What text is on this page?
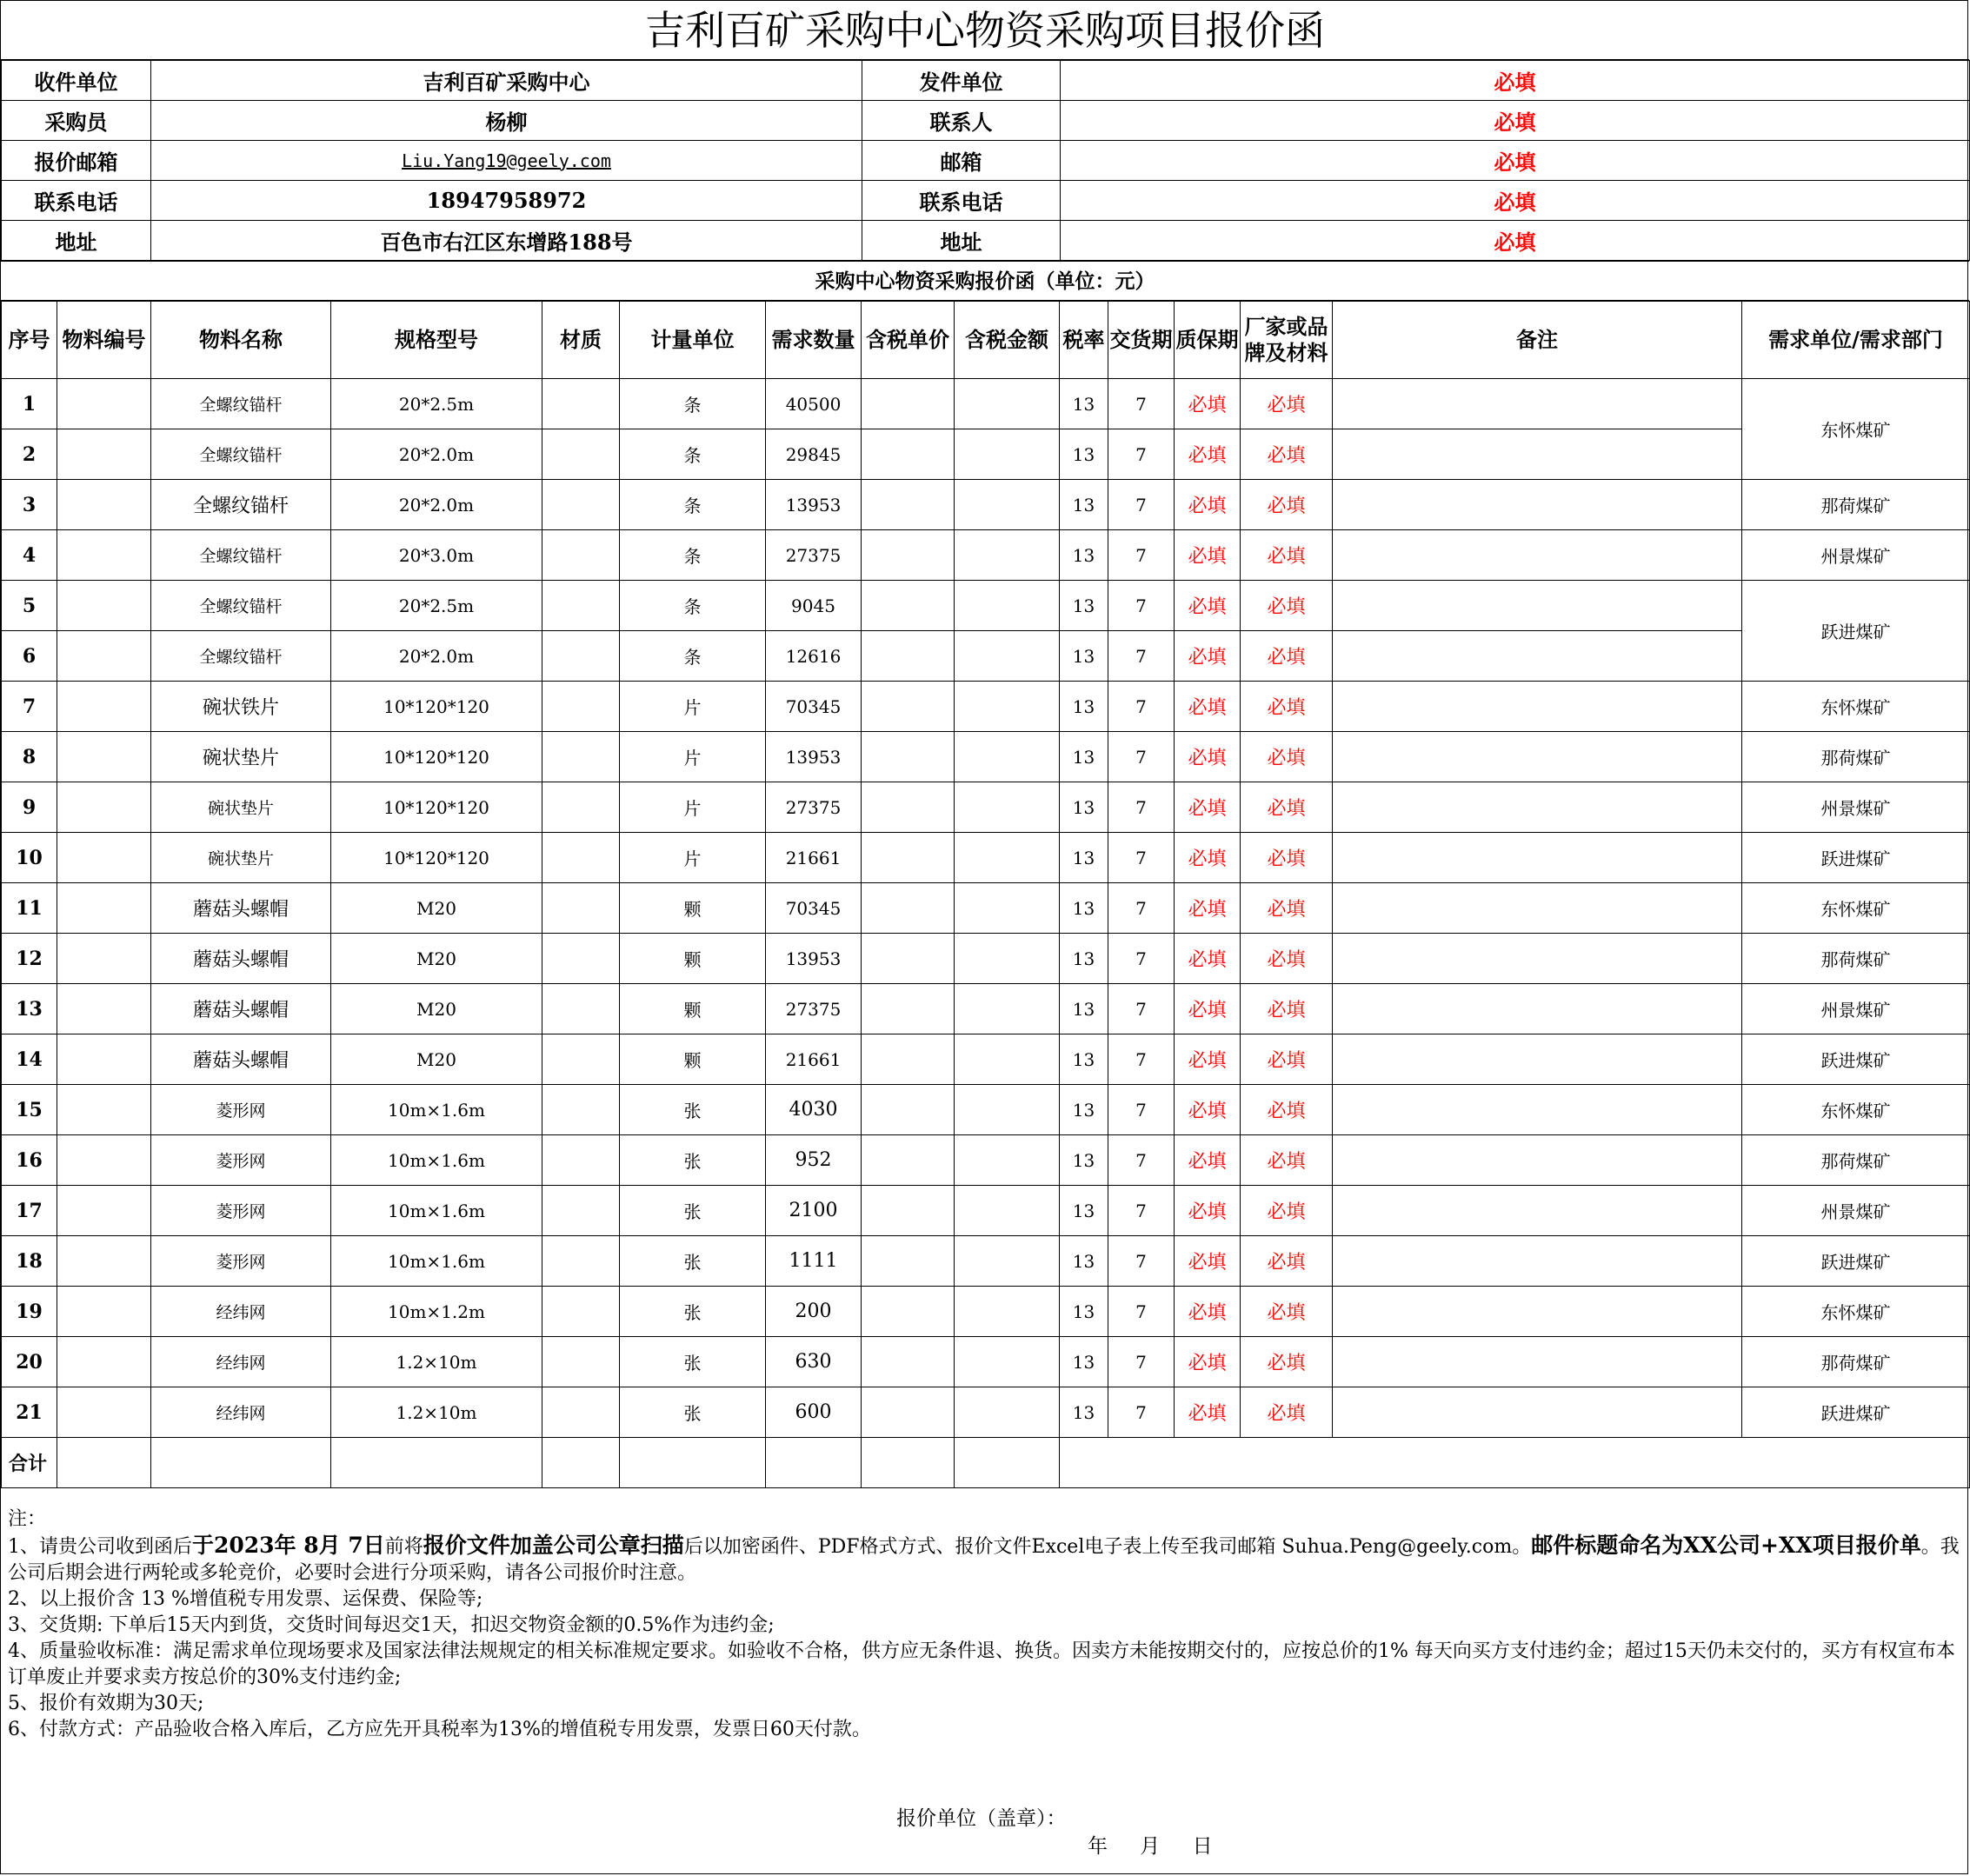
吉利百矿采购中心物资采购项目报价函
收件单位	吉利百矿采购中心	发件单位	必填
采购员	杨柳	联系人	必填
报价邮箱	Liu.Yang19@geely.com	邮箱	必填
联系电话	18947958972	联系电话	必填
地址	百色市右江区东增路188号	地址	必填
采购中心物资采购报价函（单位：元）
序号	物料编号	物料名称	规格型号	材质	计量单位	需求数量	含税单价	含税金额	税率	交货期	质保期	厂家或品牌及材料	备注	需求单位/需求部门
1		全螺纹锚杆	20*2.5m		条	40500			13	7	必填	必填		东怀煤矿
2		全螺纹锚杆	20*2.0m		条	29845			13	7	必填	必填		
3		全螺纹锚杆	20*2.0m		条	13953			13	7	必填	必填		那荷煤矿
4		全螺纹锚杆	20*3.0m		条	27375			13	7	必填	必填		州景煤矿
5		全螺纹锚杆	20*2.5m		条	9045			13	7	必填	必填		跃进煤矿
6		全螺纹锚杆	20*2.0m		条	12616			13	7	必填	必填		
7		碗状铁片	10*120*120		片	70345			13	7	必填	必填		东怀煤矿
8		碗状垫片	10*120*120		片	13953			13	7	必填	必填		那荷煤矿
9		碗状垫片	10*120*120		片	27375			13	7	必填	必填		州景煤矿
10		碗状垫片	10*120*120		片	21661			13	7	必填	必填		跃进煤矿
11		蘑菇头螺帽	M20		颗	70345			13	7	必填	必填		东怀煤矿
12		蘑菇头螺帽	M20		颗	13953			13	7	必填	必填		那荷煤矿
13		蘑菇头螺帽	M20		颗	27375			13	7	必填	必填		州景煤矿
14		蘑菇头螺帽	M20		颗	21661			13	7	必填	必填		跃进煤矿
15		菱形网	10m×1.6m		张	4030			13	7	必填	必填		东怀煤矿
16		菱形网	10m×1.6m		张	952			13	7	必填	必填		那荷煤矿
17		菱形网	10m×1.6m		张	2100			13	7	必填	必填		州景煤矿
18		菱形网	10m×1.6m		张	1111			13	7	必填	必填		跃进煤矿
19		经纬网	10m×1.2m		张	200			13	7	必填	必填		东怀煤矿
20		经纬网	1.2×10m		张	630			13	7	必填	必填		那荷煤矿
21		经纬网	1.2×10m		张	600			13	7	必填	必填		跃进煤矿
合计														

注：

1、请贵公司收到函后于2023年 8月 7日前将报价文件加盖公司公章扫描后以加密函件、PDF格式方式、报价文件Excel电子表上传至我司邮箱 Suhua.Peng@geely.com。邮件标题命名为XX公司+XX项目报价单。我公司后期会进行两轮或多轮竞价，必要时会进行分项采购，请各公司报价时注意。

2、以上报价含 13 %增值税专用发票、运保费、保险等;

3、交货期: 下单后15天内到货，交货时间每迟交1天，扣迟交物资金额的0.5%作为违约金;

4、质量验收标准：满足需求单位现场要求及国家法律法规规定的相关标准规定要求。如验收不合格，供方应无条件退、换货。因卖方未能按期交付的，应按总价的1% 每天向买方支付违约金；超过15天仍未交付的，买方有权宣布本订单废止并要求卖方按总价的30%支付违约金;

5、报价有效期为30天;

6、付款方式：产品验收合格入库后，乙方应先开具税率为13%的增值税专用发票，发票日60天付款。

报价单位（盖章）：
年 月 日
